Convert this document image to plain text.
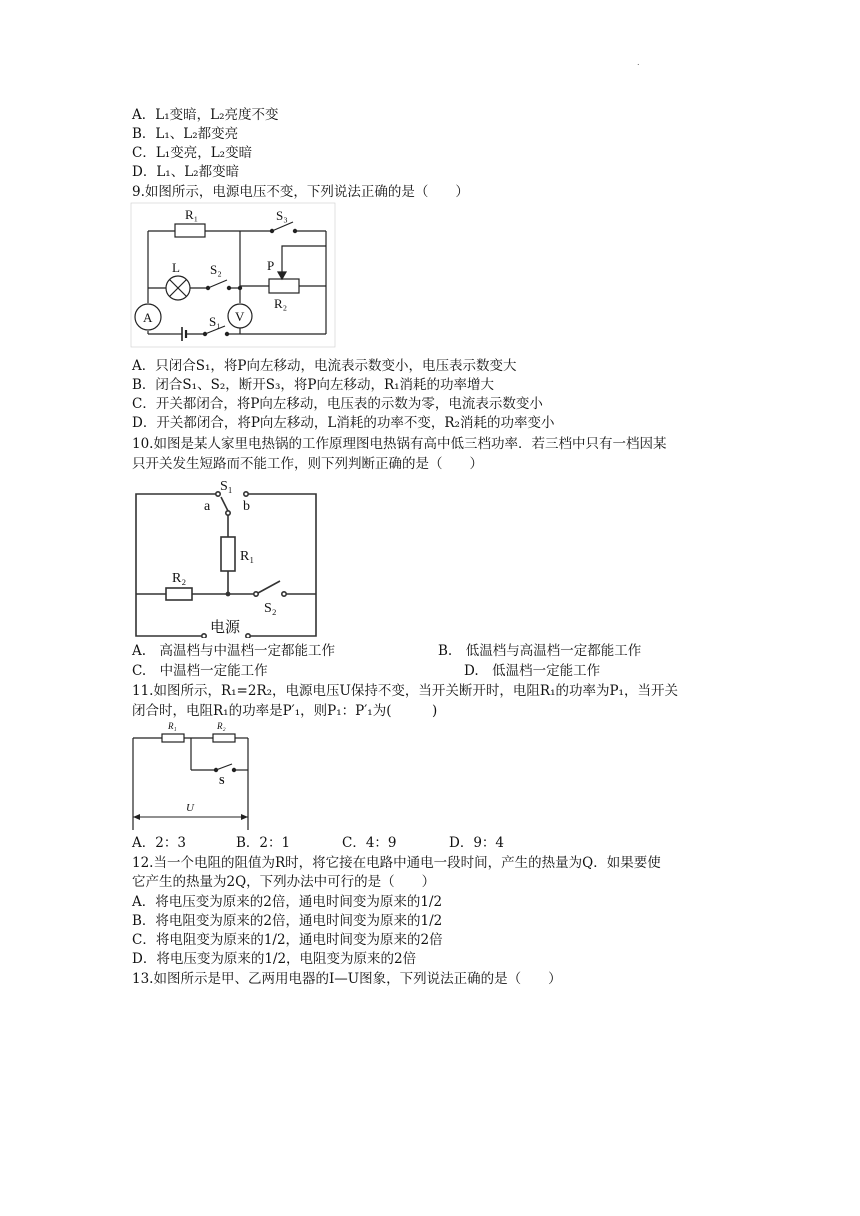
.
A．L₁变暗，L₂亮度不变
B．L₁、L₂都变亮
C．L₁变亮，L₂变暗
D．L₁、L₂都变暗
9.如图所示，电源电压不变，下列说法正确的是（　　）
R₁	S₃
L S₂	P
R₂
A	V
S₁
A．只闭合S₁，将P向左移动，电流表示数变小，电压表示数变大
B．闭合S₁、S₂，断开S₃，将P向左移动，R₁消耗的功率增大
C．开关都闭合，将P向左移动，电压表的示数为零，电流表示数变小
D．开关都闭合，将P向左移动，L消耗的功率不变，R₂消耗的功率变小
10.如图是某人家里电热锅的工作原理图电热锅有高中低三档功率．若三档中只有一档因某
只开关发生短路而不能工作，则下列判断正确的是（　　）
S₁
a b
R₁
R₂
S₂
电源
A.　高温档与中温档一定都能工作	B.　低温档与高温档一定都能工作
C.　中温档一定能工作	D.　低温档一定能工作
11.如图所示，R₁=2R₂，电源电压U保持不变，当开关断开时，电阻R₁的功率为P₁，当开关
闭合时，电阻R₁的功率是P′₁，则P₁：P′₁为(　　　)
R₁	R₂
S
U
A．2：3	B．2：1	C．4：9	D．9：4
12.当一个电阻的阻值为R时，将它接在电路中通电一段时间，产生的热量为Q．如果要使
它产生的热量为2Q，下列办法中可行的是（　　）
A．将电压变为原来的2倍，通电时间变为原来的1/2
B．将电阻变为原来的2倍，通电时间变为原来的1/2
C．将电阻变为原来的1/2，通电时间变为原来的2倍
D．将电压变为原来的1/2，电阻变为原来的2倍
13.如图所示是甲、乙两用电器的I—U图象，下列说法正确的是（　　）
